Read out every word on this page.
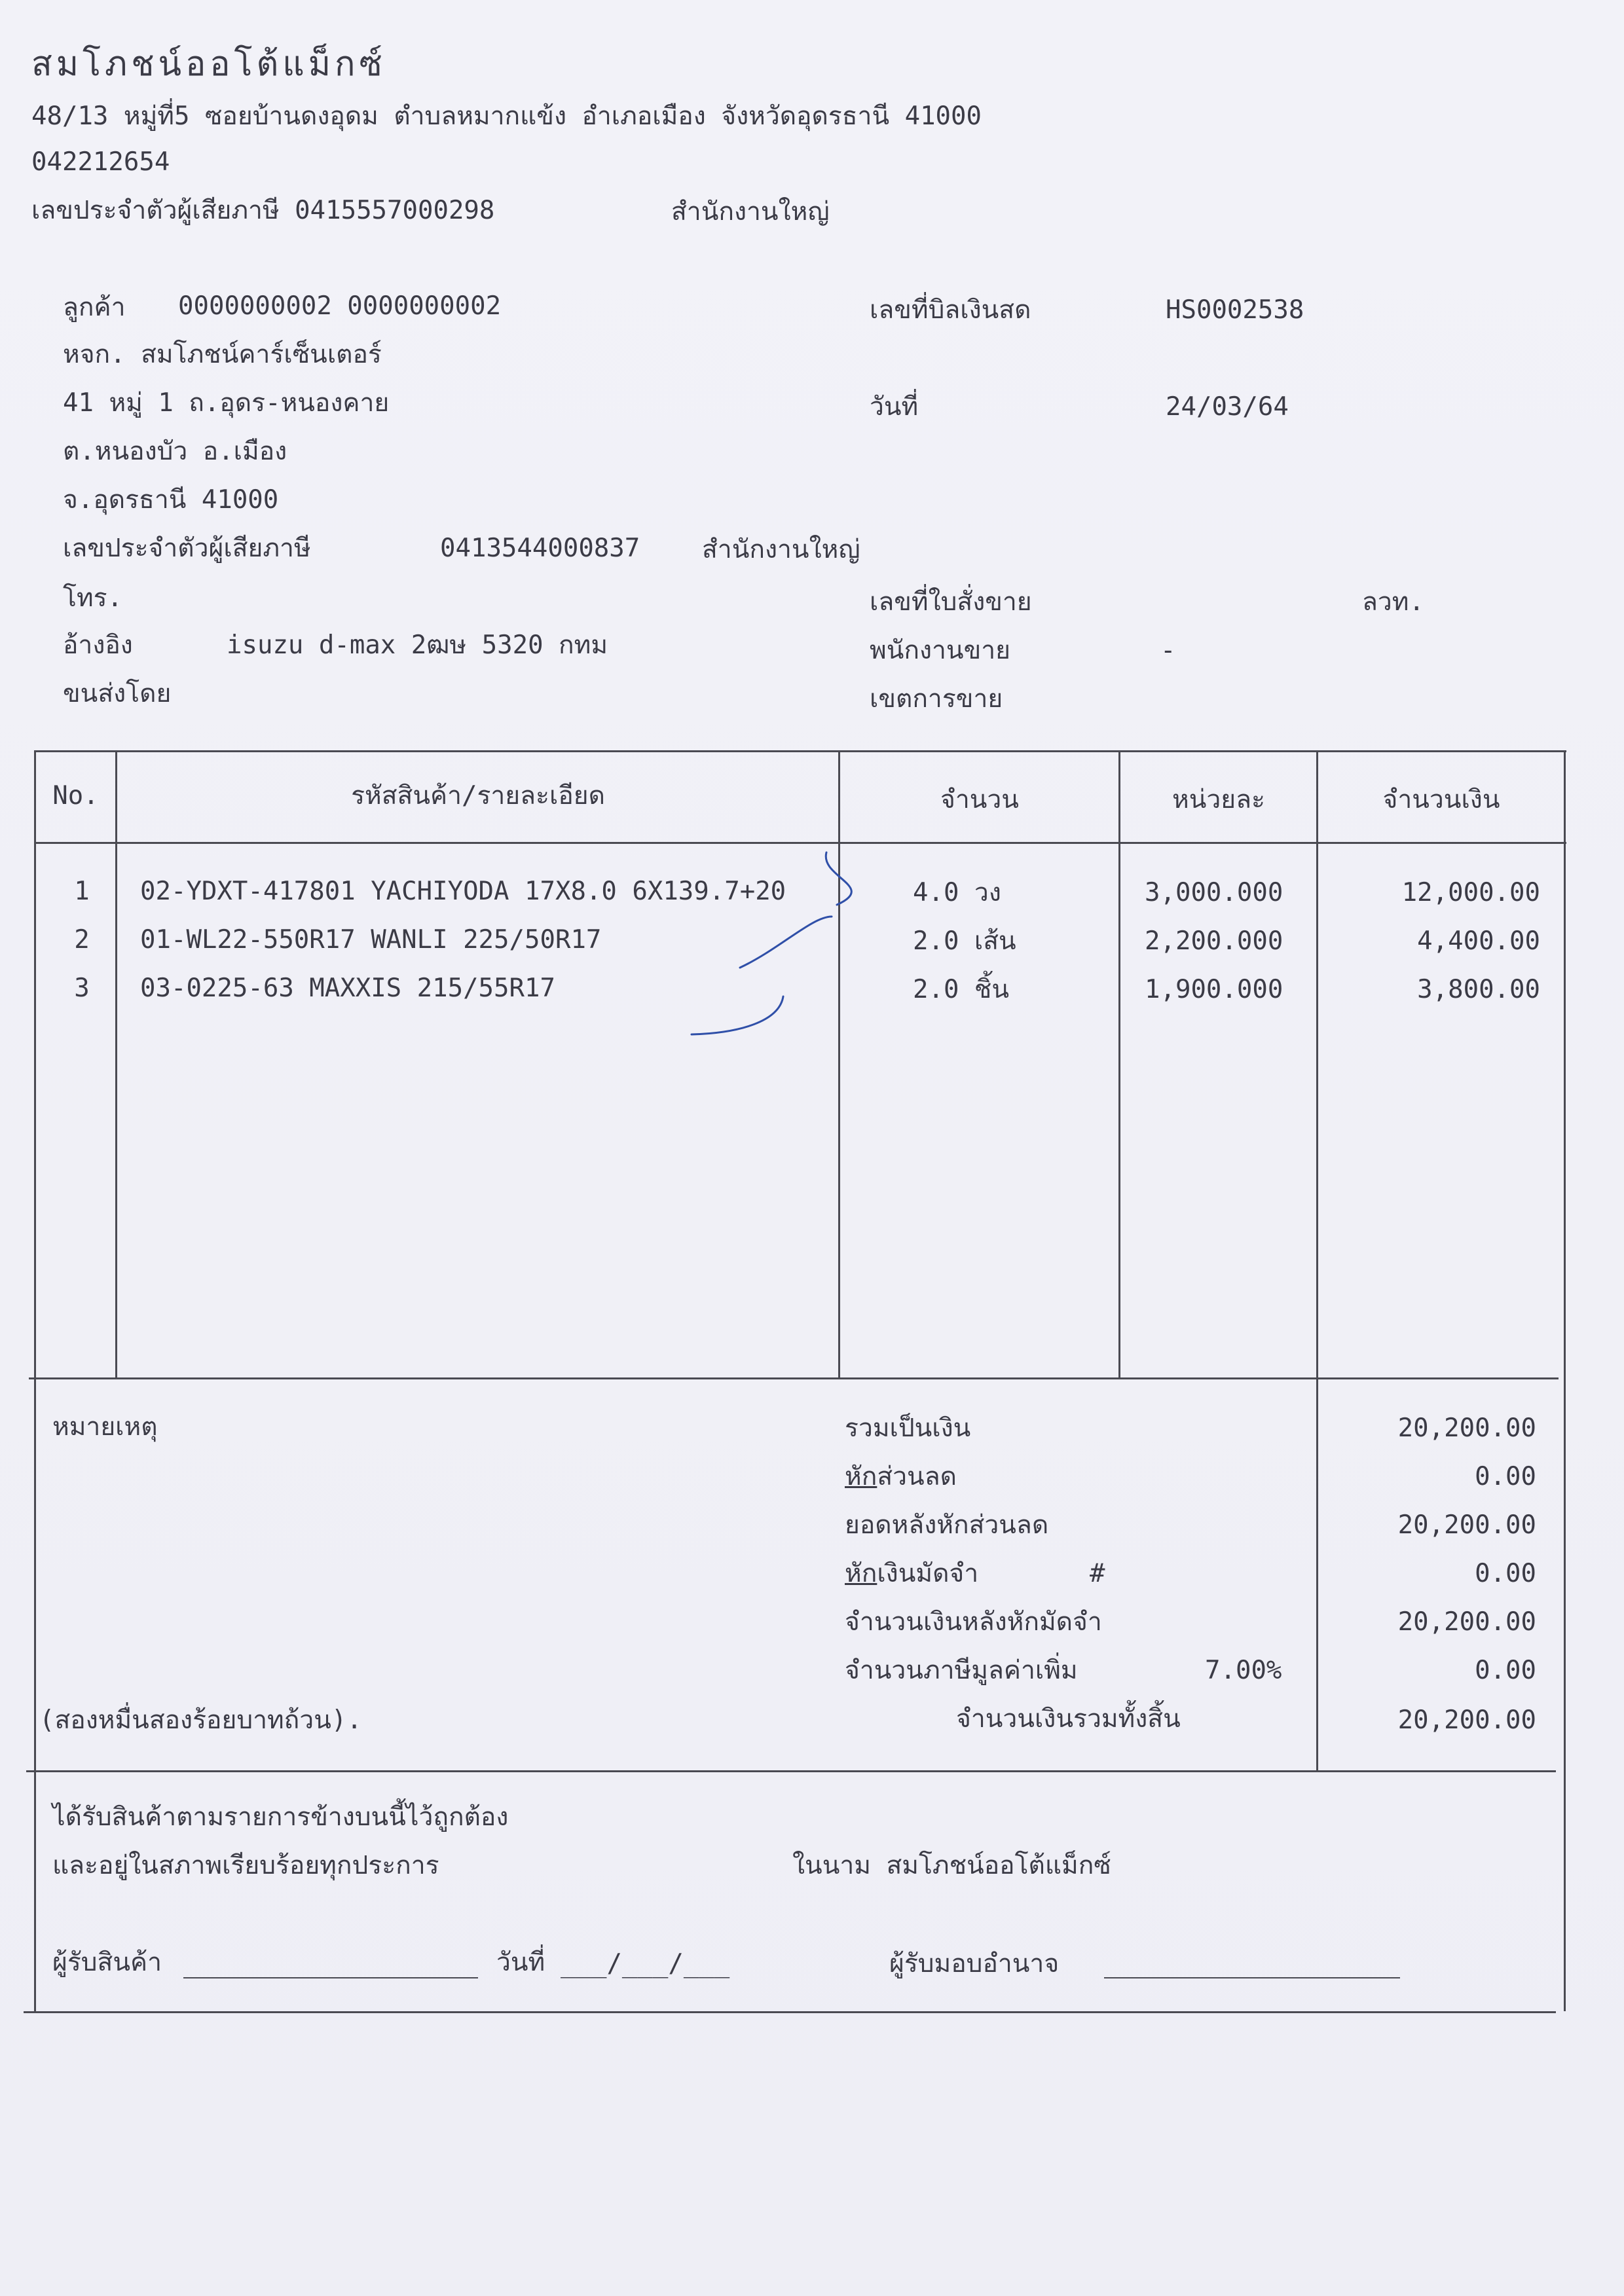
สมโภชน์ออโต้แม็กซ์
48/13 หมู่ที่5 ซอยบ้านดงอุดม ตำบลหมากแข้ง อำเภอเมือง จังหวัดอุดรธานี 41000
042212654
เลขประจำตัวผู้เสียภาษี 0415557000298	สำนักงานใหญ่
ลูกค้า 0000000002 0000000002
หจก. สมโภชน์คาร์เซ็นเตอร์
41 หมู่ 1 ถ.อุดร-หนองคาย
ต.หนองบัว อ.เมือง
จ.อุดรธานี 41000
เลขประจำตัวผู้เสียภาษี	0413544000837 สำนักงานใหญ่
โทร.
อ้างอิง	isuzu d-max 2ฒษ 5320 กทม
ขนส่งโดย
เลขที่บิลเงินสด	HS0002538
วันที่	24/03/64
เลขที่ใบสั่งขาย	ลวท.
พนักงานขาย	-
เขตการขาย
No.	รหัสสินค้า/รายละเอียด	จำนวน	หน่วยละ	จำนวนเงิน
1	02-YDXT-417801 YACHIYODA 17X8.0 6X139.7+20	4.0 วง	3,000.000	12,000.00
2	01-WL22-550R17 WANLI 225/50R17	2.0 เส้น	2,200.000	4,400.00
3	03-0225-63 MAXXIS 215/55R17	2.0 ชิ้น	1,900.000	3,800.00
หมายเหตุ	รวมเป็นเงิน	20,200.00
หักส่วนลด	0.00
ยอดหลังหักส่วนลด	20,200.00
หักเงินมัดจำ	#	0.00
จำนวนเงินหลังหักมัดจำ	20,200.00
จำนวนภาษีมูลค่าเพิ่ม	7.00%	0.00
(สองหมื่นสองร้อยบาทถ้วน).	จำนวนเงินรวมทั้งสิ้น	20,200.00
ได้รับสินค้าตามรายการข้างบนนี้ไว้ถูกต้อง
และอยู่ในสภาพเรียบร้อยทุกประการ	ในนาม สมโภชน์ออโต้แม็กซ์
ผู้รับสินค้า	วันที่ ___/___/___	ผู้รับมอบอำนาจ
